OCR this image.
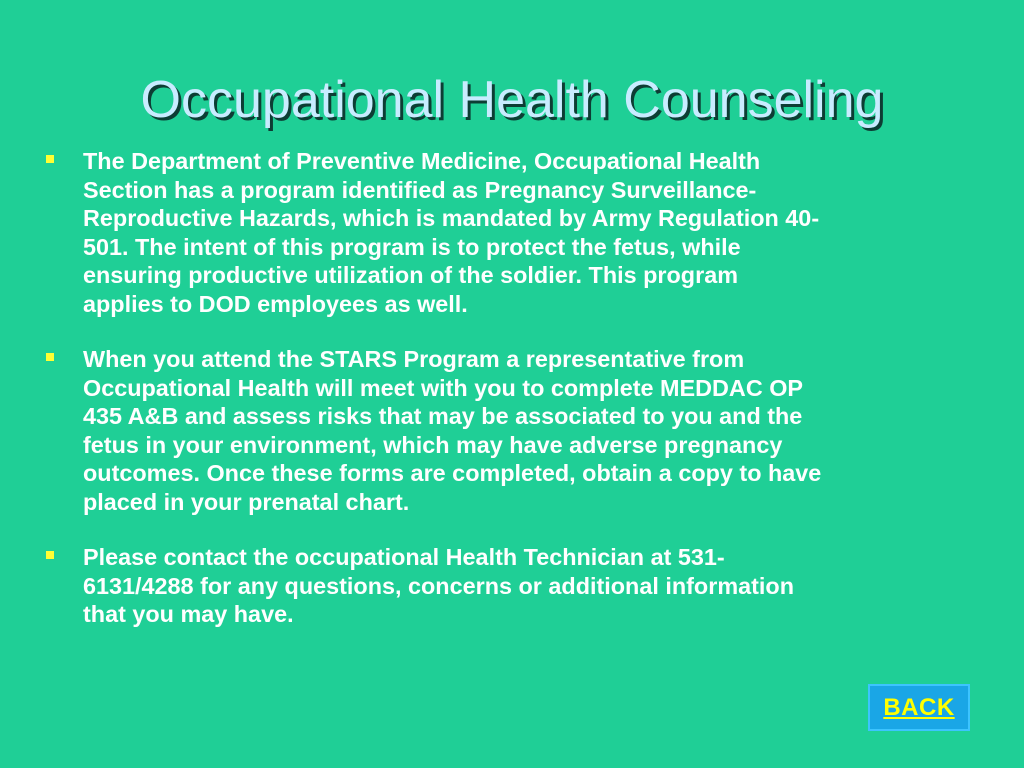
Occupational Health Counseling
The Department of Preventive Medicine, Occupational Health
Section has a program identified as Pregnancy Surveillance-
Reproductive Hazards, which is mandated by Army Regulation 40-
501. The intent of this program is to protect the fetus, while
ensuring productive utilization of the soldier. This program
applies to DOD employees as well.
When you attend the STARS Program a representative from
Occupational Health will meet with you to complete MEDDAC OP
435 A&B and assess risks that may be associated to you and the
fetus in your environment, which may have adverse pregnancy
outcomes. Once these forms are completed, obtain a copy to have
placed in your prenatal chart.
Please contact the occupational Health Technician at 531-
6131/4288 for any questions, concerns or additional information
that you may have.
BACK
